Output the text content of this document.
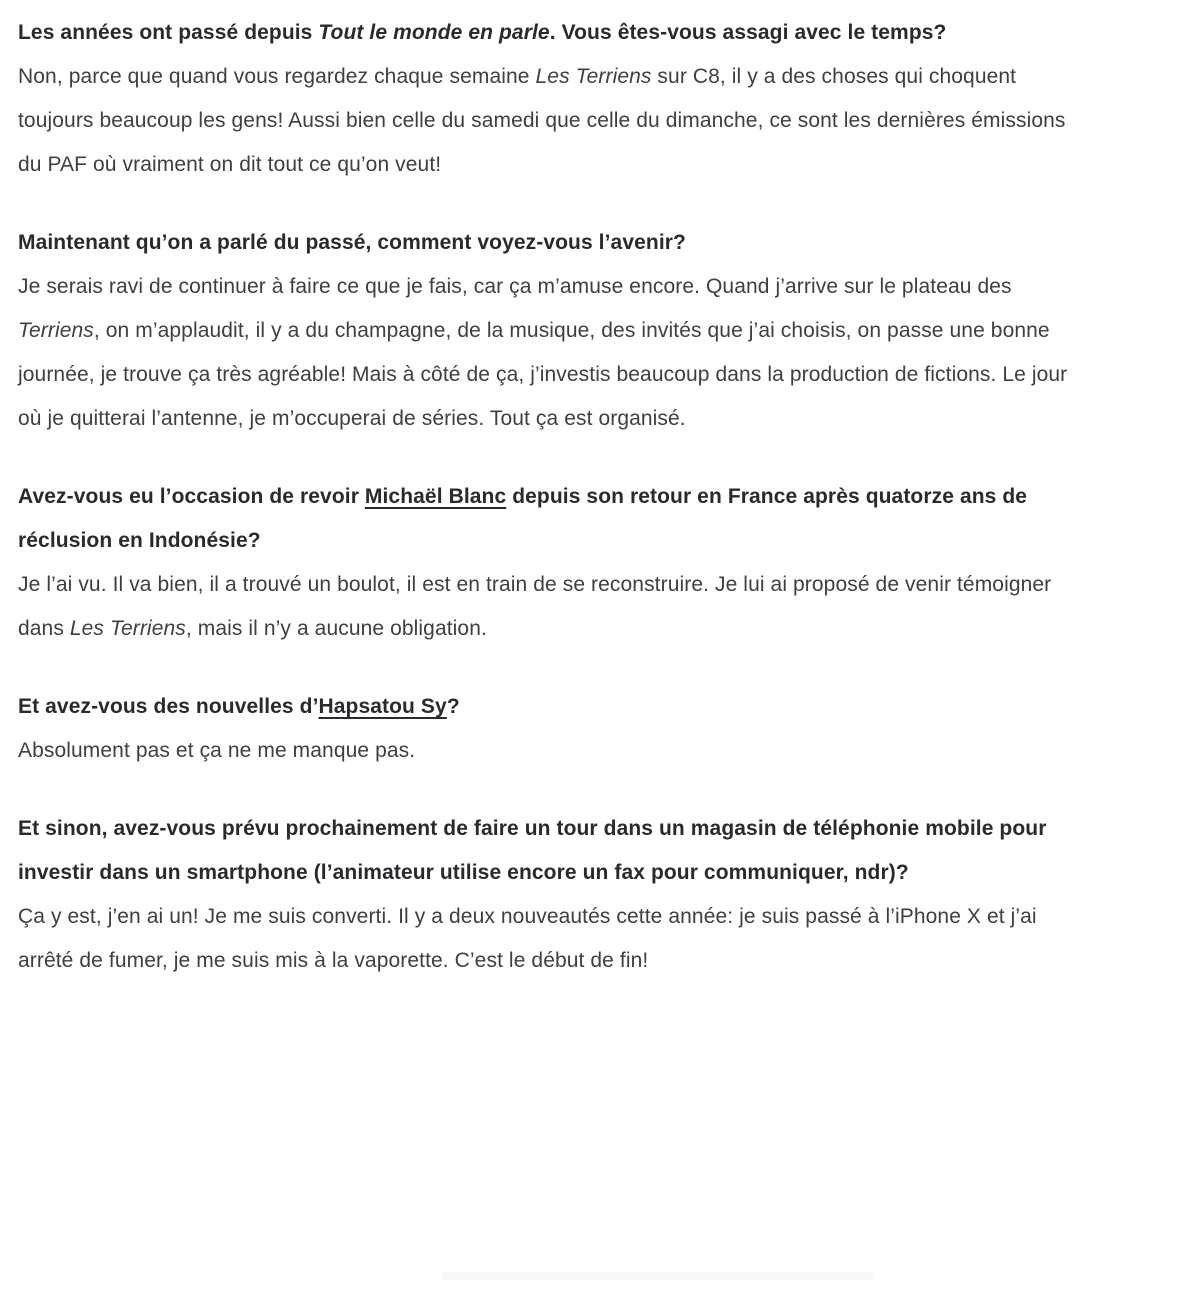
Les années ont passé depuis Tout le monde en parle. Vous êtes-vous assagi avec le temps?

Non, parce que quand vous regardez chaque semaine Les Terriens sur C8, il y a des choses qui choquent toujours beaucoup les gens! Aussi bien celle du samedi que celle du dimanche, ce sont les dernières émissions du PAF où vraiment on dit tout ce qu’on veut!

Maintenant qu’on a parlé du passé, comment voyez-vous l’avenir?

Je serais ravi de continuer à faire ce que je fais, car ça m’amuse encore. Quand j’arrive sur le plateau des Terriens, on m’applaudit, il y a du champagne, de la musique, des invités que j’ai choisis, on passe une bonne journée, je trouve ça très agréable! Mais à côté de ça, j’investis beaucoup dans la production de fictions. Le jour où je quitterai l’antenne, je m’occuperai de séries. Tout ça est organisé.

Avez-vous eu l’occasion de revoir Michaël Blanc depuis son retour en France après quatorze ans de réclusion en Indonésie?

Je l’ai vu. Il va bien, il a trouvé un boulot, il est en train de se reconstruire. Je lui ai proposé de venir témoigner dans Les Terriens, mais il n’y a aucune obligation.

Et avez-vous des nouvelles d’Hapsatou Sy?

Absolument pas et ça ne me manque pas.

Et sinon, avez-vous prévu prochainement de faire un tour dans un magasin de téléphonie mobile pour investir dans un smartphone (l’animateur utilise encore un fax pour communiquer, ndr)?

Ça y est, j’en ai un! Je me suis converti. Il y a deux nouveautés cette année: je suis passé à l’iPhone X et j’ai arrêté de fumer, je me suis mis à la vaporette. C’est le début de fin!
